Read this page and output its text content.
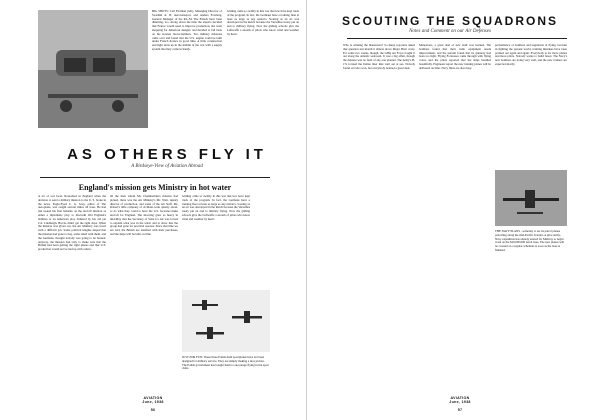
BIG SHOTS: Carl Florman (left), Managing Director of Swedish A. B. Aerotransport, and Anders Forsberg, General Manager of the R.L.M. The French have been dithering, too. Along about the time the experts decided that France would need to improve production, she went shopping for American designs, and decided to fall back on the stoutest motor-builders. Two military missions came over and found that the U.S. engine could be built under French licence in good time. A little construction and light turns up in the middle of the war with a supply system that may come in handy.

Gliding came so swiftly in this war that few have kept track of the program. In fact, the Germans have a training fleet at least as large as any nation's. Soaring as an art was developed in the Reich because the Versailles treaty put an end to military flying. Now the gliding schools give the Luftwaffe a stream of pilots who know wind and weather by heart.

AS OTHERS FLY IT
A Birdseye-View of Aviation Abroad
England's mission gets Ministry in hot water

A lot of red faces blossomed in England when the decision to send a military mission to the U. S. broke in the news. Eagle-Eyed C. G. Grey, editor of The Aeroplane, was caught several miles off base. He had just issued his first remarks on the aircraft mission as either a diplomatic ploy to discredit Old England's abilities or an American ploy fathered by his old pal Col. Lindbergh. But he didn't get the right dope. When the mission was given out, the Air Ministry was faced with a difficult job. Some political knights sniped that the mission had gone to beg, some sided with them, and the Germans, thought nobody was going to be burned. Anyway, the mission had only to make sure that the British had been getting the right planes and that U.S. production would not be tied up with orders.

Of the men whom Mr. Chamberlain's mission had picked, there was the Air Ministry's Mr. Weir, deputy director of production, and some of the Air Staff. Mr. Robert's little company of civilians went quietly about, to do what they could to have the U.S. factories make aircraft for England. The shooting grew so heavy in mid-May that the Secretary of State for Air was forced to explain what was in the wind, and to show that the group had gone for practical reasons. Since that time we are told, the British are satisfied with their purchases, and the ships will be built on time.

Gliding came so swiftly in this war that few have kept track of the program. In fact, the Germans have a training fleet at least as large as any nation's. Soaring as an art was developed in the Reich because the Versailles treaty put an end to military flying. Now the gliding schools give the Luftwaffe a stream of pilots who know wind and weather by heart.

JUST FOR FUN: These three Polish-built sportplanes have not been designed for military service. They are simply making a nice picture. The Polish government has bought them to encourage flying in the sport clubs.

AVIATION
June, 1938

56

SCOUTING THE SQUADRONS
Notes and Comment on our Air Defenses

Who is winning the maneuvers? So many reporters asked that question last month it almost drove Major Brett crazy. For some two weeks, though, the GHQ Air Force fought it out along the Atlantic seaboard. It was a big affair, though the defense was no fault of any one planner. The Army's B-17s located the Italian liner Rex well out at sea. Nobody found out who won, but everybody learned a great deal.

Maneuvers, a great deal of new stuff was learned. The bombers found that their radio equipment needs improvement, and the pursuit found that its gunnery had been too light. Flying Fortresses came through with flying colors and the pilots reported that the ships handled beautifully. Engineers report the new training planes will be delivered on time. Navy fliers are also busy.

performance of bombers and regulation of flying, because in fighting the present world, training mistakes have been pointed out again and again. Everybody is for more planes and more pilots. Nobody wants to build fewer. The Navy's new bombers are doing very well, and the new trainers are expected shortly.

THE NAVY PLANS - someday to set its patrol planes patrolling along the mid-Pacific frontier. A pilot Army-Navy expedition has already started for Midway to begin work on the $20,000,000 naval base. The new planes will be crossed on a regular schedule as soon as the base is finished.

AVIATION
June, 1938

57
